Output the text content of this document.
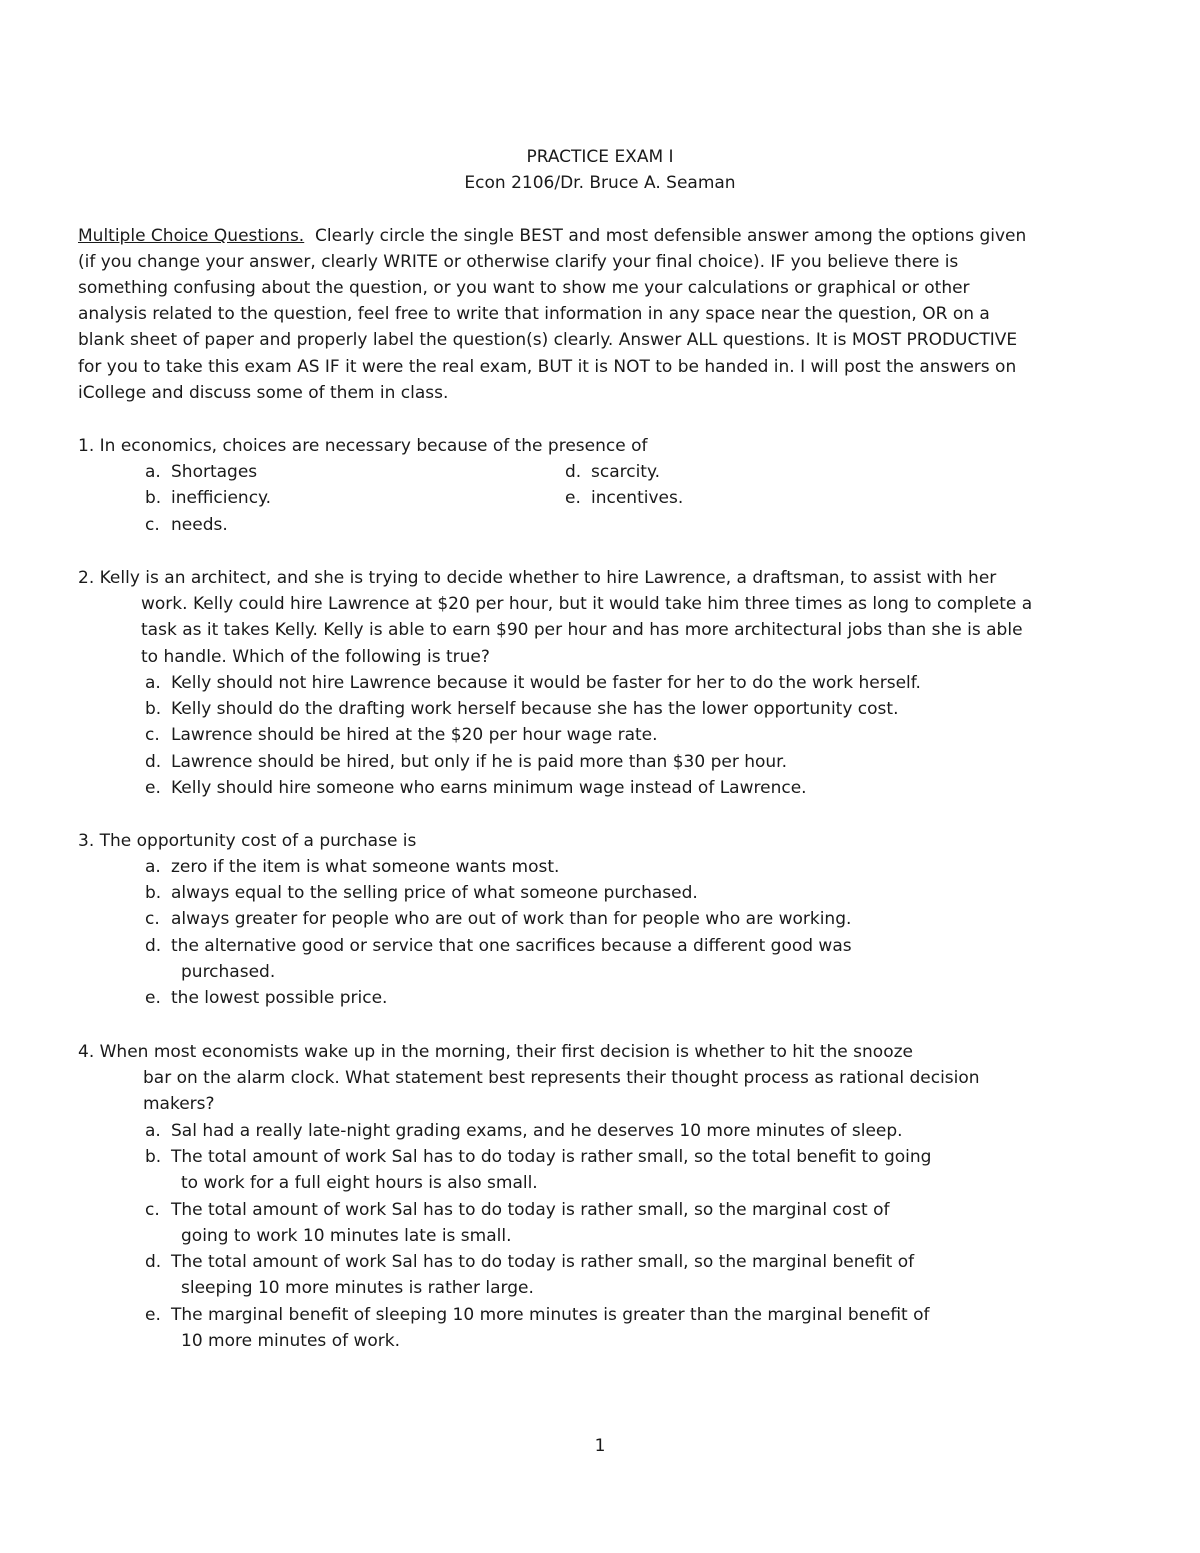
PRACTICE EXAM I
Econ 2106/Dr. Bruce A. Seaman
Multiple Choice Questions. Clearly circle the single BEST and most defensible answer among the options given
(if you change your answer, clearly WRITE or otherwise clarify your final choice). IF you believe there is
something confusing about the question, or you want to show me your calculations or graphical or other
analysis related to the question, feel free to write that information in any space near the question, OR on a
blank sheet of paper and properly label the question(s) clearly. Answer ALL questions. It is MOST PRODUCTIVE
for you to take this exam AS IF it were the real exam, BUT it is NOT to be handed in. I will post the answers on
iCollege and discuss some of them in class.
1. In economics, choices are necessary because of the presence of
a. Shortages
b. inefficiency.
c. needs.
d. scarcity.
e. incentives.
2. Kelly is an architect, and she is trying to decide whether to hire Lawrence, a draftsman, to assist with her
work. Kelly could hire Lawrence at $20 per hour, but it would take him three times as long to complete a
task as it takes Kelly. Kelly is able to earn $90 per hour and has more architectural jobs than she is able
to handle. Which of the following is true?
a. Kelly should not hire Lawrence because it would be faster for her to do the work herself.
b. Kelly should do the drafting work herself because she has the lower opportunity cost.
c. Lawrence should be hired at the $20 per hour wage rate.
d. Lawrence should be hired, but only if he is paid more than $30 per hour.
e. Kelly should hire someone who earns minimum wage instead of Lawrence.
3. The opportunity cost of a purchase is
a. zero if the item is what someone wants most.
b. always equal to the selling price of what someone purchased.
c. always greater for people who are out of work than for people who are working.
d. the alternative good or service that one sacrifices because a different good was
purchased.
e. the lowest possible price.
4. When most economists wake up in the morning, their first decision is whether to hit the snooze
bar on the alarm clock. What statement best represents their thought process as rational decision
makers?
a. Sal had a really late-night grading exams, and he deserves 10 more minutes of sleep.
b. The total amount of work Sal has to do today is rather small, so the total benefit to going
to work for a full eight hours is also small.
c. The total amount of work Sal has to do today is rather small, so the marginal cost of
going to work 10 minutes late is small.
d. The total amount of work Sal has to do today is rather small, so the marginal benefit of
sleeping 10 more minutes is rather large.
e. The marginal benefit of sleeping 10 more minutes is greater than the marginal benefit of
10 more minutes of work.
1
